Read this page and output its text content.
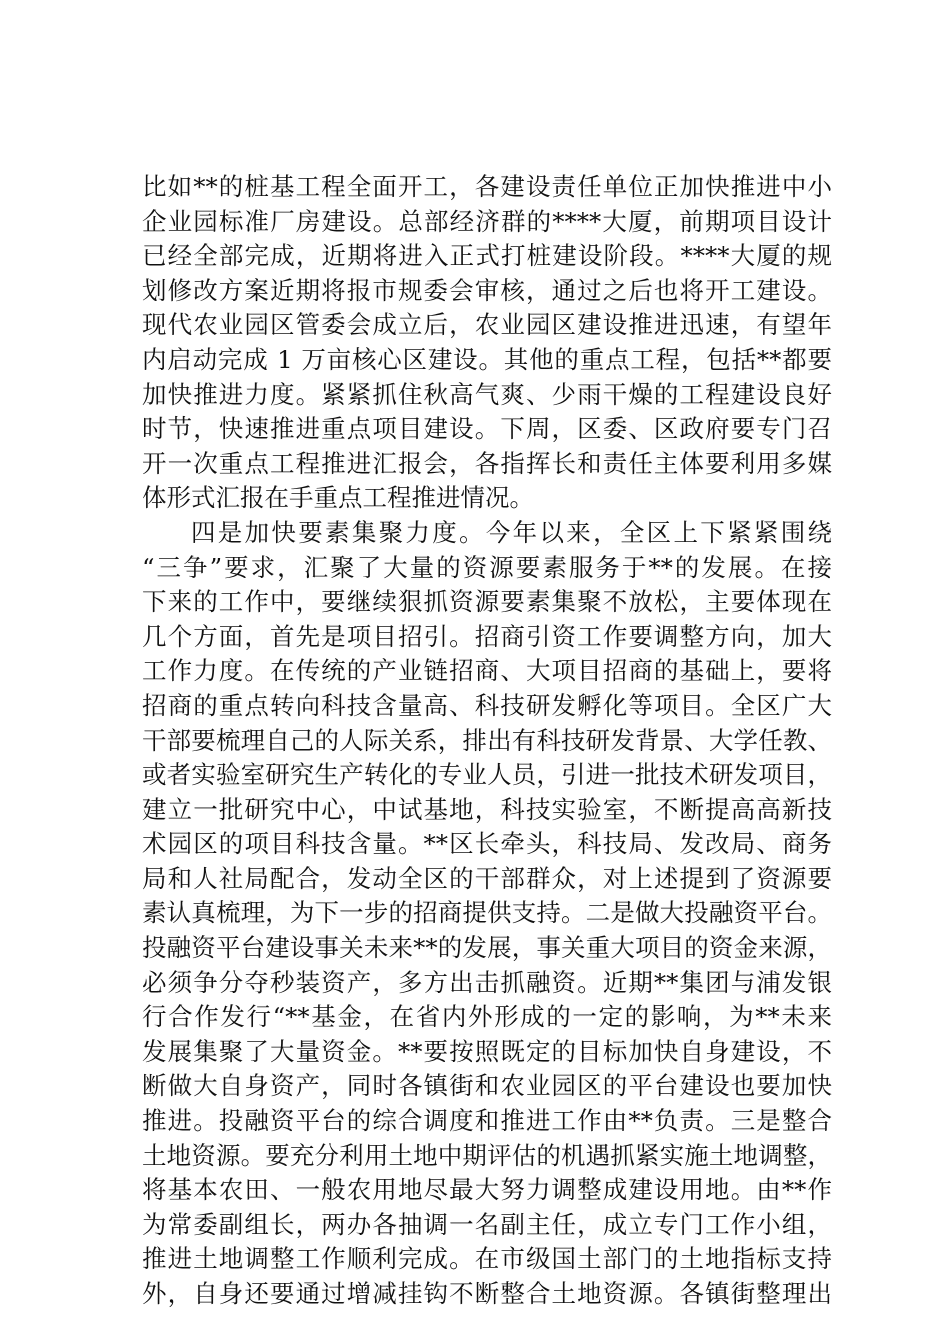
比如**的桩基工程全面开工，各建设责任单位正加快推进中小
企业园标准厂房建设。总部经济群的****大厦，前期项目设计
已经全部完成，近期将进入正式打桩建设阶段。****大厦的规
划修改方案近期将报市规委会审核，通过之后也将开工建设。
现代农业园区管委会成立后，农业园区建设推进迅速，有望年
内启动完成 1 万亩核心区建设。其他的重点工程，包括**都要
加快推进力度。紧紧抓住秋高气爽、少雨干燥的工程建设良好
时节，快速推进重点项目建设。下周，区委、区政府要专门召
开一次重点工程推进汇报会，各指挥长和责任主体要利用多媒
体形式汇报在手重点工程推进情况。
四是加快要素集聚力度。今年以来，全区上下紧紧围绕
“三争”要求，汇聚了大量的资源要素服务于**的发展。在接
下来的工作中，要继续狠抓资源要素集聚不放松，主要体现在
几个方面，首先是项目招引。招商引资工作要调整方向，加大
工作力度。在传统的产业链招商、大项目招商的基础上，要将
招商的重点转向科技含量高、科技研发孵化等项目。全区广大
干部要梳理自己的人际关系，排出有科技研发背景、大学任教、
或者实验室研究生产转化的专业人员，引进一批技术研发项目，
建立一批研究中心，中试基地，科技实验室，不断提高高新技
术园区的项目科技含量。**区长牵头，科技局、发改局、商务
局和人社局配合，发动全区的干部群众，对上述提到了资源要
素认真梳理，为下一步的招商提供支持。二是做大投融资平台。
投融资平台建设事关未来**的发展，事关重大项目的资金来源，
必须争分夺秒装资产，多方出击抓融资。近期**集团与浦发银
行合作发行“**基金，在省内外形成的一定的影响，为**未来
发展集聚了大量资金。**要按照既定的目标加快自身建设，不
断做大自身资产，同时各镇街和农业园区的平台建设也要加快
推进。投融资平台的综合调度和推进工作由**负责。三是整合
土地资源。要充分利用土地中期评估的机遇抓紧实施土地调整，
将基本农田、一般农用地尽最大努力调整成建设用地。由**作
为常委副组长，两办各抽调一名副主任，成立专门工作小组，
推进土地调整工作顺利完成。在市级国土部门的土地指标支持
外，自身还要通过增减挂钩不断整合土地资源。各镇街整理出
